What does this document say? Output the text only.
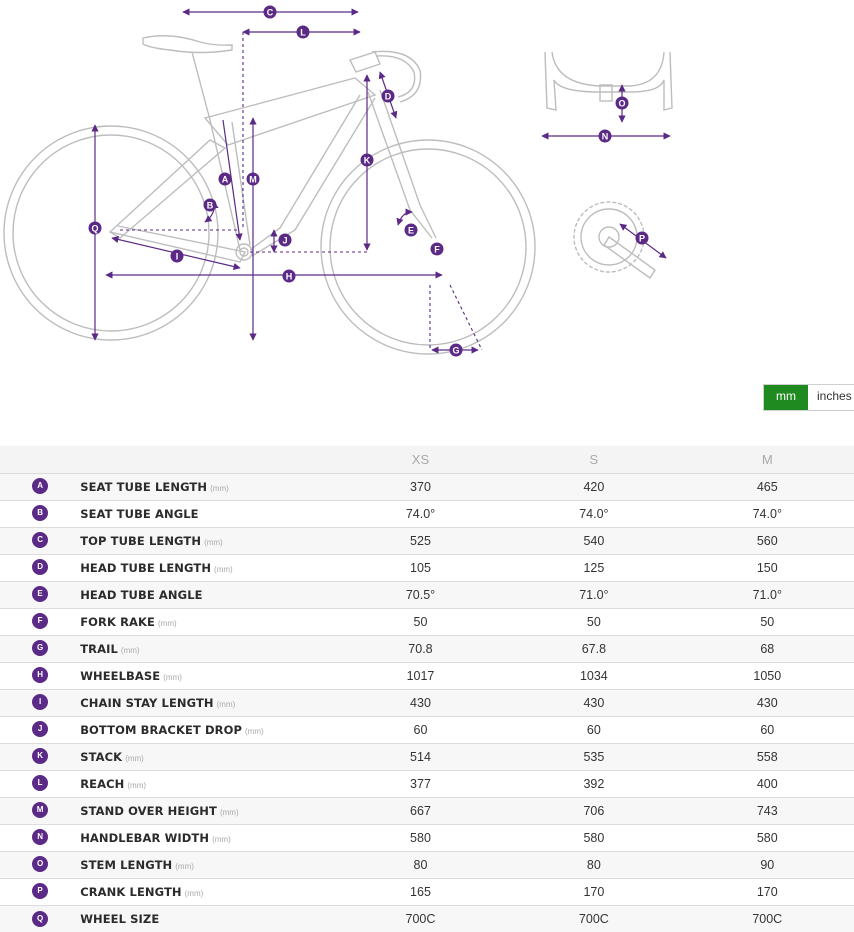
A
B
C
D
E
F
G
H
I
J
K
L
M
N
O
P
Q
mm	inches
		XS	S	M
A	SEAT TUBE LENGTH (mm)	370	420	465
B	SEAT TUBE ANGLE	74.0°	74.0°	74.0°
C	TOP TUBE LENGTH (mm)	525	540	560
D	HEAD TUBE LENGTH (mm)	105	125	150
E	HEAD TUBE ANGLE	70.5°	71.0°	71.0°
F	FORK RAKE (mm)	50	50	50
G	TRAIL (mm)	70.8	67.8	68
H	WHEELBASE (mm)	1017	1034	1050
I	CHAIN STAY LENGTH (mm)	430	430	430
J	BOTTOM BRACKET DROP (mm)	60	60	60
K	STACK (mm)	514	535	558
L	REACH (mm)	377	392	400
M	STAND OVER HEIGHT (mm)	667	706	743
N	HANDLEBAR WIDTH (mm)	580	580	580
O	STEM LENGTH (mm)	80	80	90
P	CRANK LENGTH (mm)	165	170	170
Q	WHEEL SIZE	700C	700C	700C
